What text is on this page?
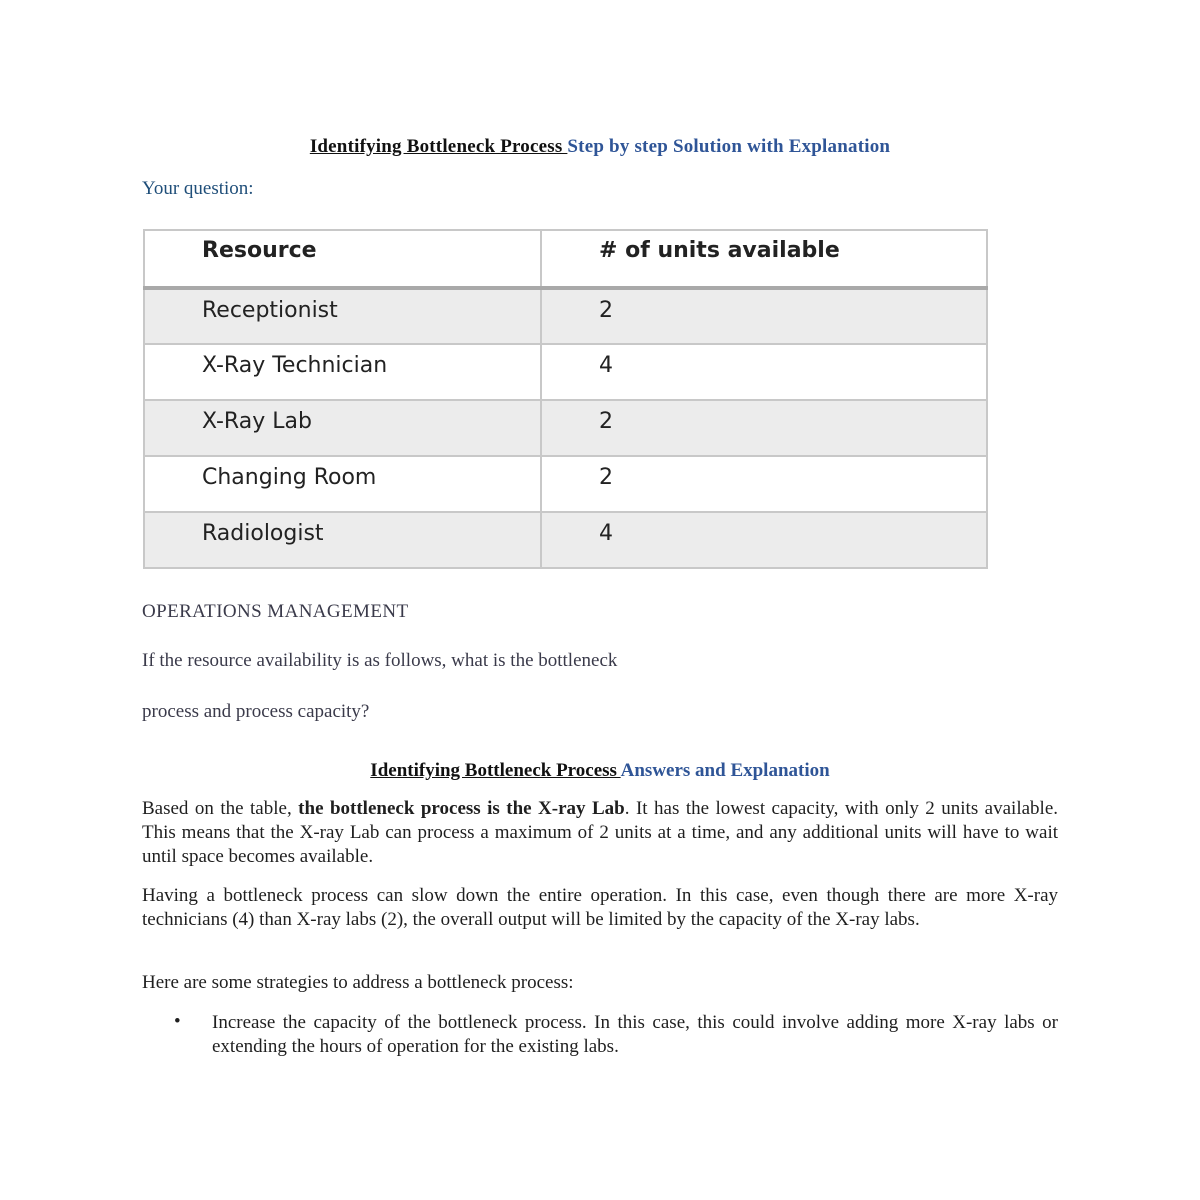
Identifying Bottleneck Process Step by step Solution with Explanation
Your question:
Resource	# of units available
Receptionist	2
X-Ray Technician	4
X-Ray Lab	2
Changing Room	2
Radiologist	4
OPERATIONS MANAGEMENT
If the resource availability is as follows, what is the bottleneck
process and process capacity?
Identifying Bottleneck Process Answers and Explanation
Based on the table, the bottleneck process is the X-ray Lab. It has the lowest capacity, with only 2 units available. This means that the X-ray Lab can process a maximum of 2 units at a time, and any additional units will have to wait until space becomes available.
Having a bottleneck process can slow down the entire operation. In this case, even though there are more X-ray technicians (4) than X-ray labs (2), the overall output will be limited by the capacity of the X-ray labs.
Here are some strategies to address a bottleneck process:
• Increase the capacity of the bottleneck process. In this case, this could involve adding more X-ray labs or extending the hours of operation for the existing labs.
